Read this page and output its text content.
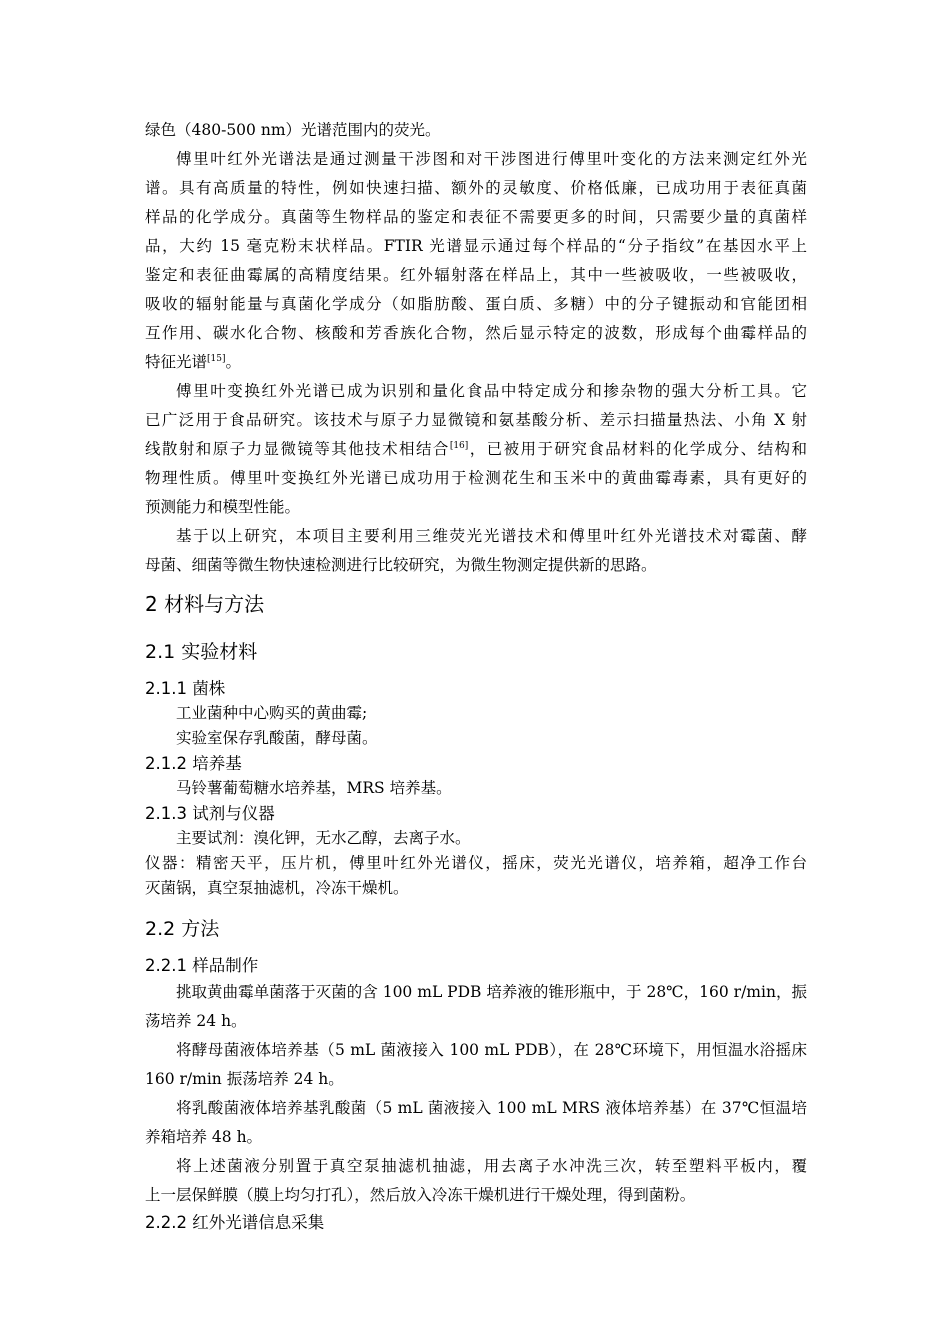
绿色（480-500 nm）光谱范围内的荧光。
傅里叶红外光谱法是通过测量干涉图和对干涉图进行傅里叶变化的方法来测定红外光
谱。具有高质量的特性，例如快速扫描、额外的灵敏度、价格低廉，已成功用于表征真菌
样品的化学成分。真菌等生物样品的鉴定和表征不需要更多的时间，只需要少量的真菌样
品，大约 15 毫克粉末状样品。FTIR 光谱显示通过每个样品的“分子指纹”在基因水平上
鉴定和表征曲霉属的高精度结果。红外辐射落在样品上，其中一些被吸收，一些被吸收，
吸收的辐射能量与真菌化学成分（如脂肪酸、蛋白质、多糖）中的分子键振动和官能团相
互作用、碳水化合物、核酸和芳香族化合物，然后显示特定的波数，形成每个曲霉样品的
特征光谱[15]。
傅里叶变换红外光谱已成为识别和量化食品中特定成分和掺杂物的强大分析工具。它
已广泛用于食品研究。该技术与原子力显微镜和氨基酸分析、差示扫描量热法、小角 X 射
线散射和原子力显微镜等其他技术相结合[16]，已被用于研究食品材料的化学成分、结构和
物理性质。傅里叶变换红外光谱已成功用于检测花生和玉米中的黄曲霉毒素，具有更好的
预测能力和模型性能。
基于以上研究，本项目主要利用三维荧光光谱技术和傅里叶红外光谱技术对霉菌、酵
母菌、细菌等微生物快速检测进行比较研究，为微生物测定提供新的思路。
2 材料与方法
2.1 实验材料
2.1.1 菌株
工业菌种中心购买的黄曲霉;
实验室保存乳酸菌，酵母菌。
2.1.2 培养基
马铃薯葡萄糖水培养基，MRS 培养基。
2.1.3 试剂与仪器
主要试剂：溴化钾，无水乙醇，去离子水。
仪器：精密天平，压片机，傅里叶红外光谱仪，摇床，荧光光谱仪，培养箱，超净工作台
灭菌锅，真空泵抽滤机，冷冻干燥机。
2.2 方法
2.2.1 样品制作
挑取黄曲霉单菌落于灭菌的含 100 mL PDB 培养液的锥形瓶中，于 28℃，160 r/min，振
荡培养 24 h。
将酵母菌液体培养基（5 mL 菌液接入 100 mL PDB），在 28℃环境下，用恒温水浴摇床
160 r/min 振荡培养 24 h。
将乳酸菌液体培养基乳酸菌（5 mL 菌液接入 100 mL MRS 液体培养基）在 37℃恒温培
养箱培养 48 h。
将上述菌液分别置于真空泵抽滤机抽滤，用去离子水冲洗三次，转至塑料平板内，覆
上一层保鲜膜（膜上均匀打孔），然后放入冷冻干燥机进行干燥处理，得到菌粉。
2.2.2 红外光谱信息采集
